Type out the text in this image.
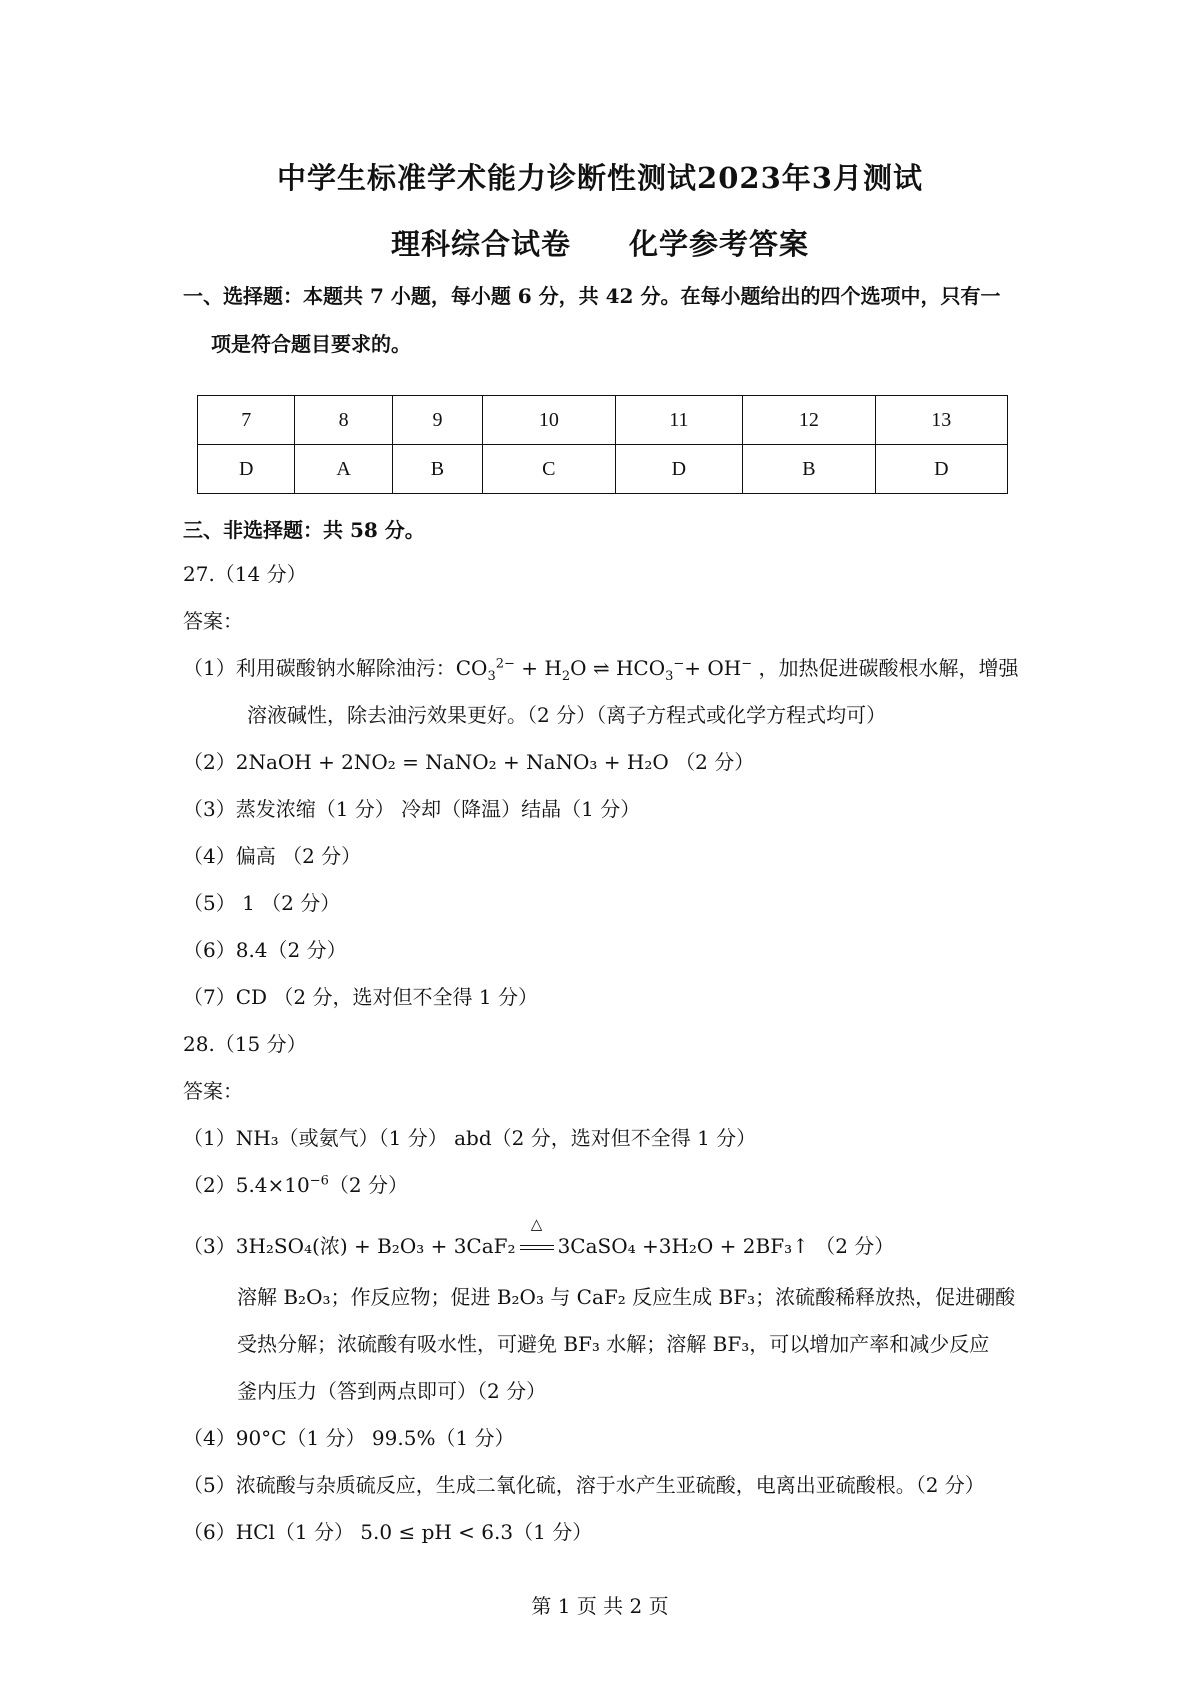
中学生标准学术能力诊断性测试2023年3月测试
理科综合试卷 化学参考答案
一、选择题：本题共 7 小题，每小题 6 分，共 42 分。在每小题给出的四个选项中，只有一
项是符合题目要求的。
7	8	9	10	11	12	13
D	A	B	C	D	B	D
三、非选择题：共 58 分。
27.（14 分）
答案：
（1）利用碳酸钠水解除油污：$CO_3^{2-} + H_2O$ ⇌ $HCO_3^-+ OH^-$ ，加热促进碳酸根水解，增强
溶液碱性，除去油污效果更好。（2 分）（离子方程式或化学方程式均可）
（2）2NaOH + 2NO₂ = NaNO₂ + NaNO₃ + H₂O （2 分）
（3）蒸发浓缩（1 分） 冷却（降温）结晶（1 分）
（4）偏高 （2 分）
（5） 1 （2 分）
（6）8.4（2 分）
（7）CD （2 分，选对但不全得 1 分）
28.（15 分）
答案：
（1）NH₃（或氨气）（1 分） abd（2 分，选对但不全得 1 分）
$(2)5.4\times 10^{-6}(2$ 分）
（3）3H₂SO₄(浓) + B₂O₃ + 3CaF₂
△
3CaSO₄ +3H₂O + 2BF₃↑ （2 分）
溶解 B₂O₃；作反应物；促进 B₂O₃ 与 CaF₂ 反应生成 BF₃；浓硫酸稀释放热，促进硼酸
受热分解；浓硫酸有吸水性，可避免 BF₃ 水解；溶解 BF₃，可以增加产率和减少反应
釜内压力（答到两点即可）（2 分）
（4）90°C（1 分） 99.5%（1 分）
（5）浓硫酸与杂质硫反应，生成二氧化硫，溶于水产生亚硫酸，电离出亚硫酸根。（2 分）
（6）HCl（1 分） 5.0 ≤ pH < 6.3（1 分）
第 1 页 共 2 页
